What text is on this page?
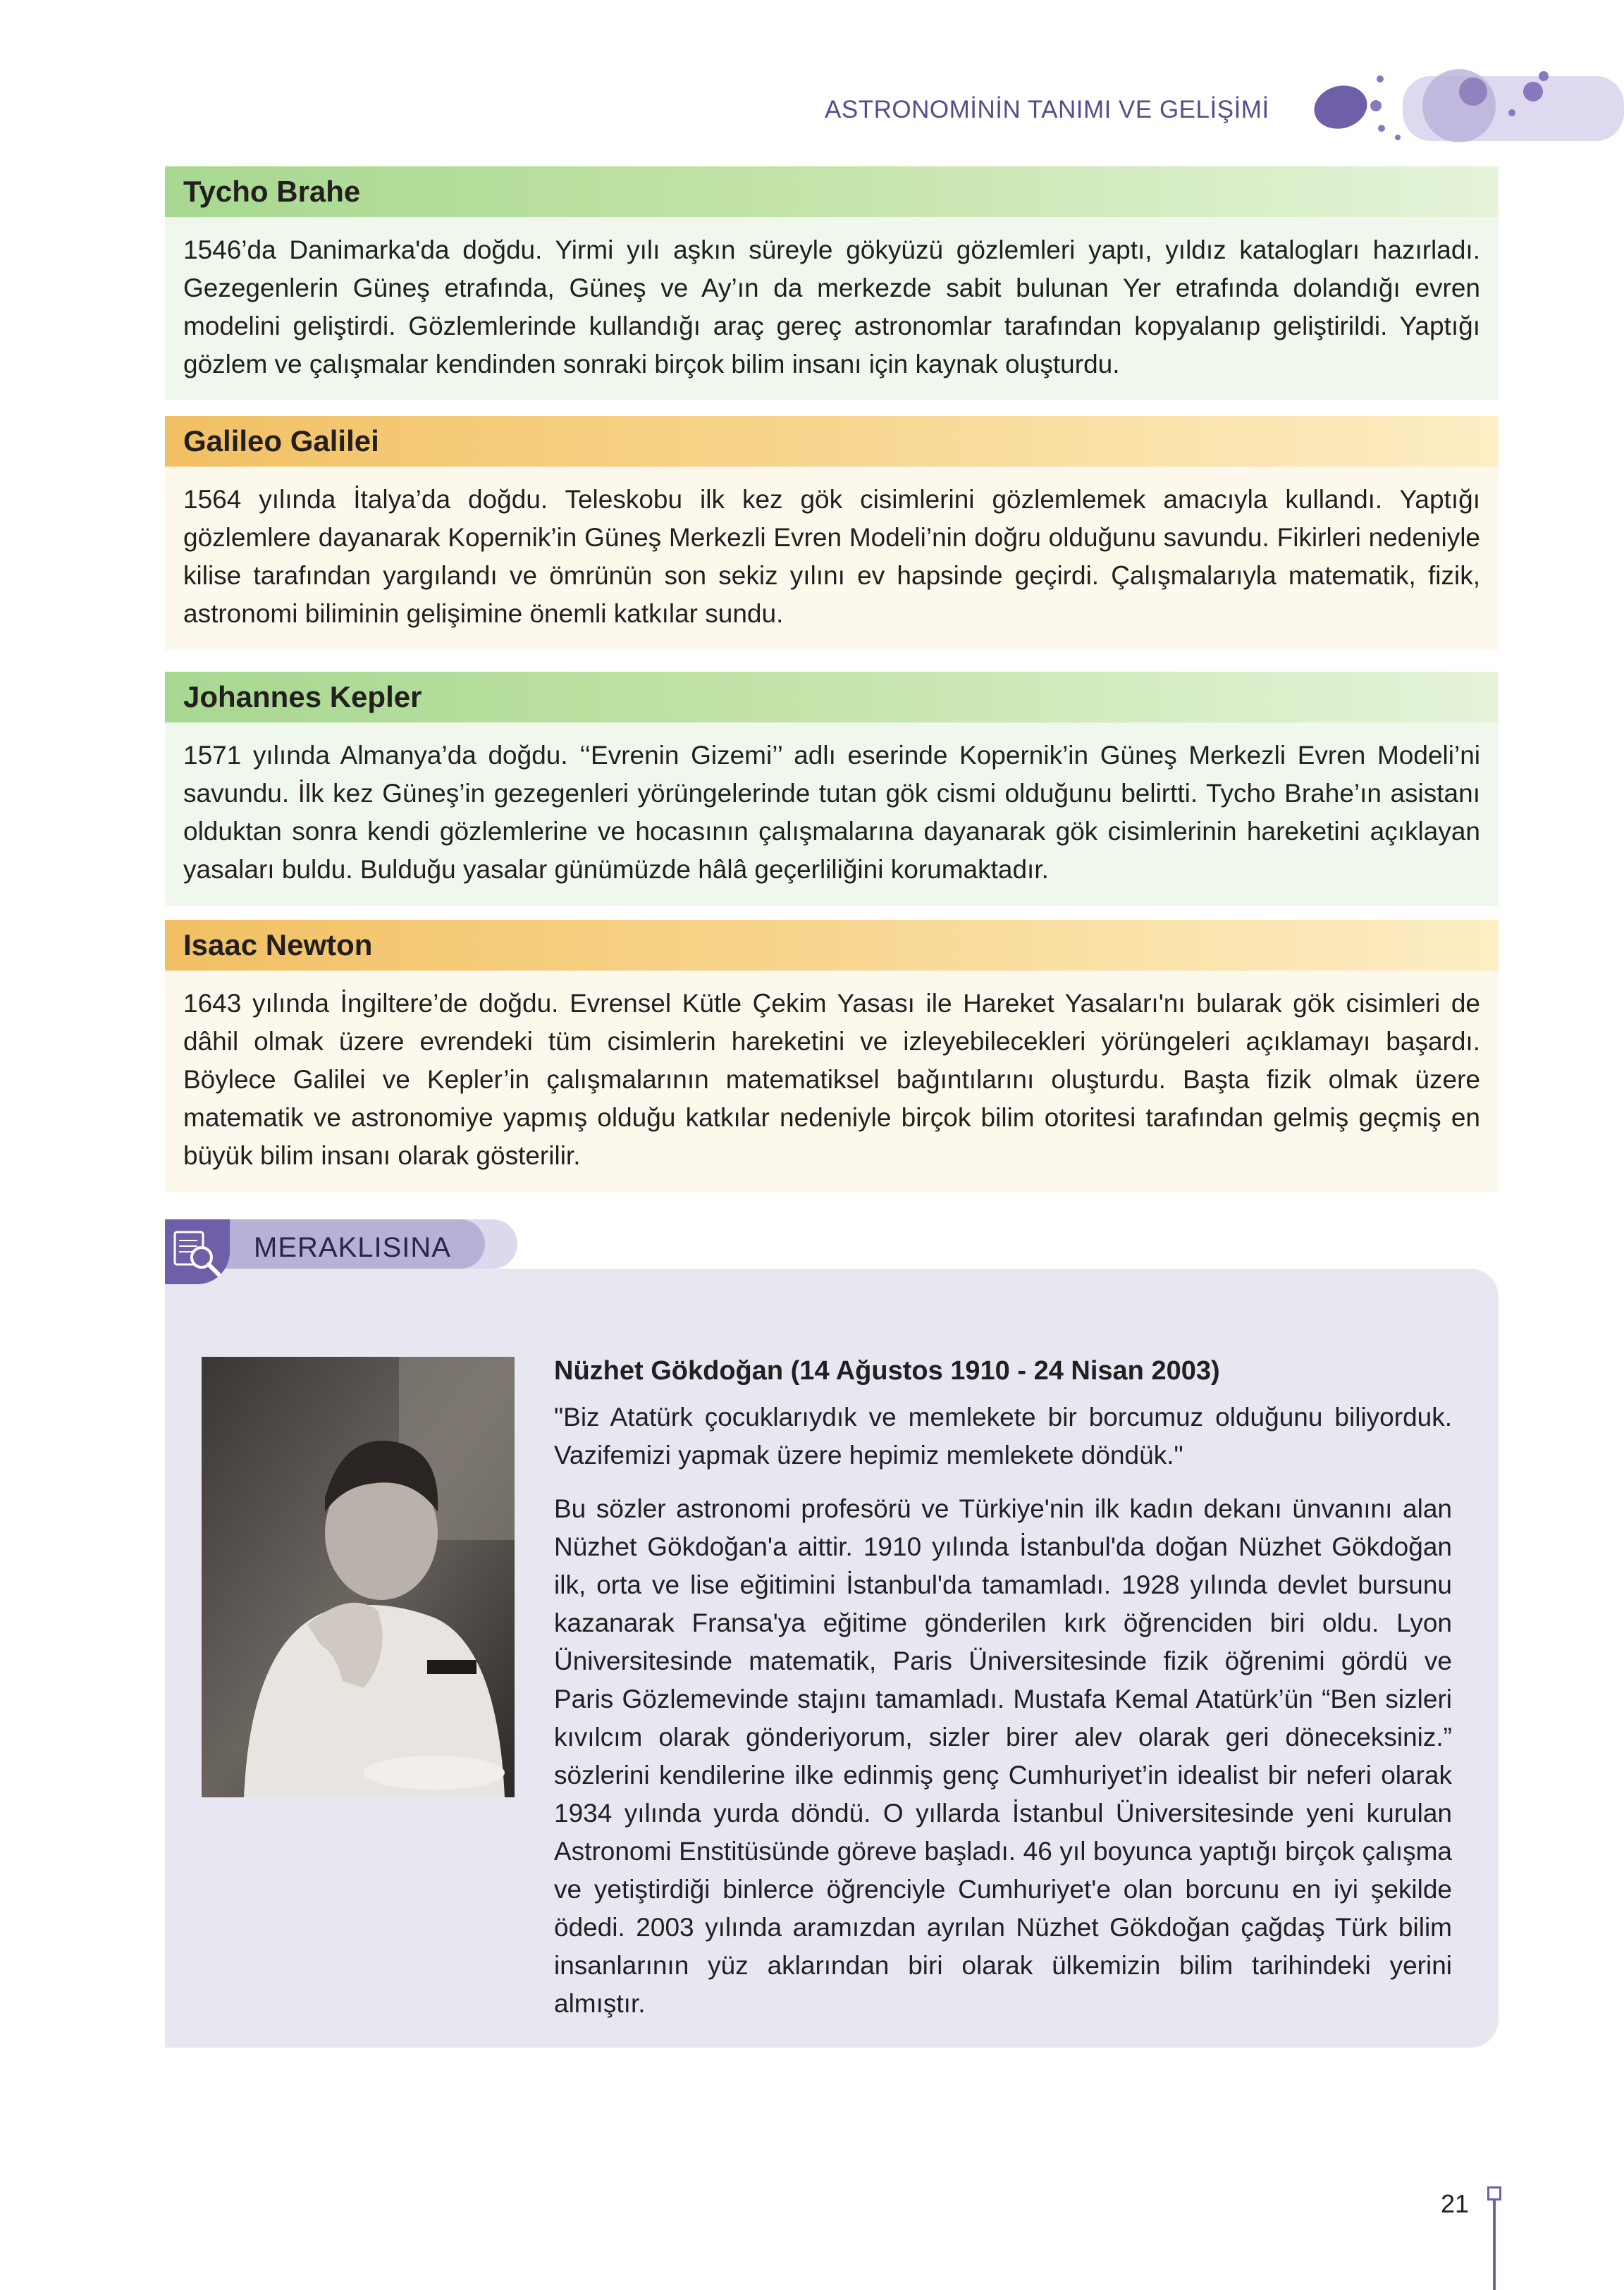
ASTRONOMİNİN TANIMI VE GELİŞİMİ
Tycho Brahe
1546’da Danimarka'da doğdu. Yirmi yılı aşkın süreyle gökyüzü gözlemleri yaptı, yıldız katalogları hazırladı. Gezegenlerin Güneş etrafında, Güneş ve Ay’ın da merkezde sabit bulunan Yer etrafında dolandığı evren modelini geliştirdi. Gözlemlerinde kullandığı araç gereç astronomlar tarafından kopyalanıp geliştirildi. Yaptığı gözlem ve çalışmalar kendinden sonraki birçok bilim insanı için kaynak oluşturdu.
Galileo Galilei
1564 yılında İtalya’da doğdu. Teleskobu ilk kez gök cisimlerini gözlemlemek amacıyla kullandı. Yaptığı gözlemlere dayanarak Kopernik’in Güneş Merkezli Evren Modeli’nin doğru olduğunu savundu. Fikirleri nedeniyle kilise tarafından yargılandı ve ömrünün son sekiz yılını ev hapsinde geçirdi. Çalışmalarıyla matematik, fizik, astronomi biliminin gelişimine önemli katkılar sundu.
Johannes Kepler
1571 yılında Almanya’da doğdu. ‘‘Evrenin Gizemi’’ adlı eserinde Kopernik’in Güneş Merkezli Evren Modeli’ni savundu. İlk kez Güneş’in gezegenleri yörüngelerinde tutan gök cismi olduğunu belirtti. Tycho Brahe’ın asistanı olduktan sonra kendi gözlemlerine ve hocasının çalışmalarına dayanarak gök cisimlerinin hareketini açıklayan yasaları buldu. Bulduğu yasalar günümüzde hâlâ geçerliliğini korumaktadır.
Isaac Newton
1643 yılında İngiltere’de doğdu. Evrensel Kütle Çekim Yasası ile Hareket Yasaları'nı bularak gök cisimleri de dâhil olmak üzere evrendeki tüm cisimlerin hareketini ve izleyebilecekleri yörüngeleri açıklamayı başardı. Böylece Galilei ve Kepler’in çalışmalarının matematiksel bağıntılarını oluşturdu. Başta fizik olmak üzere matematik ve astronomiye yapmış olduğu katkılar nedeniyle birçok bilim otoritesi tarafından gelmiş geçmiş en büyük bilim insanı olarak gösterilir.
MERAKLISINA
Nüzhet Gökdoğan (14 Ağustos 1910 - 24 Nisan 2003)

"Biz Atatürk çocuklarıydık ve memlekete bir borcumuz olduğunu biliyorduk. Vazifemizi yapmak üzere hepimiz memlekete döndük."

Bu sözler astronomi profesörü ve Türkiye'nin ilk kadın dekanı ünvanını alan Nüzhet Gökdoğan'a aittir. 1910 yılında İstanbul'da doğan Nüzhet Gökdoğan ilk, orta ve lise eğitimini İstanbul'da tamamladı. 1928 yılında devlet bursunu kazanarak Fransa'ya eğitime gönderilen kırk öğrenciden biri oldu. Lyon Üniversitesinde matematik, Paris Üniversitesinde fizik öğrenimi gördü ve Paris Gözlemevinde stajını tamamladı. Mustafa Kemal Atatürk’ün “Ben sizleri kıvılcım olarak gönderiyorum, sizler birer alev olarak geri döneceksiniz.” sözlerini kendilerine ilke edinmiş genç Cumhuriyet’in idealist bir neferi olarak 1934 yılında yurda döndü. O yıllarda İstanbul Üniversitesinde yeni kurulan Astronomi Enstitüsünde göreve başladı. 46 yıl boyunca yaptığı birçok çalışma ve yetiştirdiği binlerce öğrenciyle Cumhuriyet'e olan borcunu en iyi şekilde ödedi. 2003 yılında aramızdan ayrılan Nüzhet Gökdoğan çağdaş Türk bilim insanlarının yüz aklarından biri olarak ülkemizin bilim tarihindeki yerini almıştır.

21
